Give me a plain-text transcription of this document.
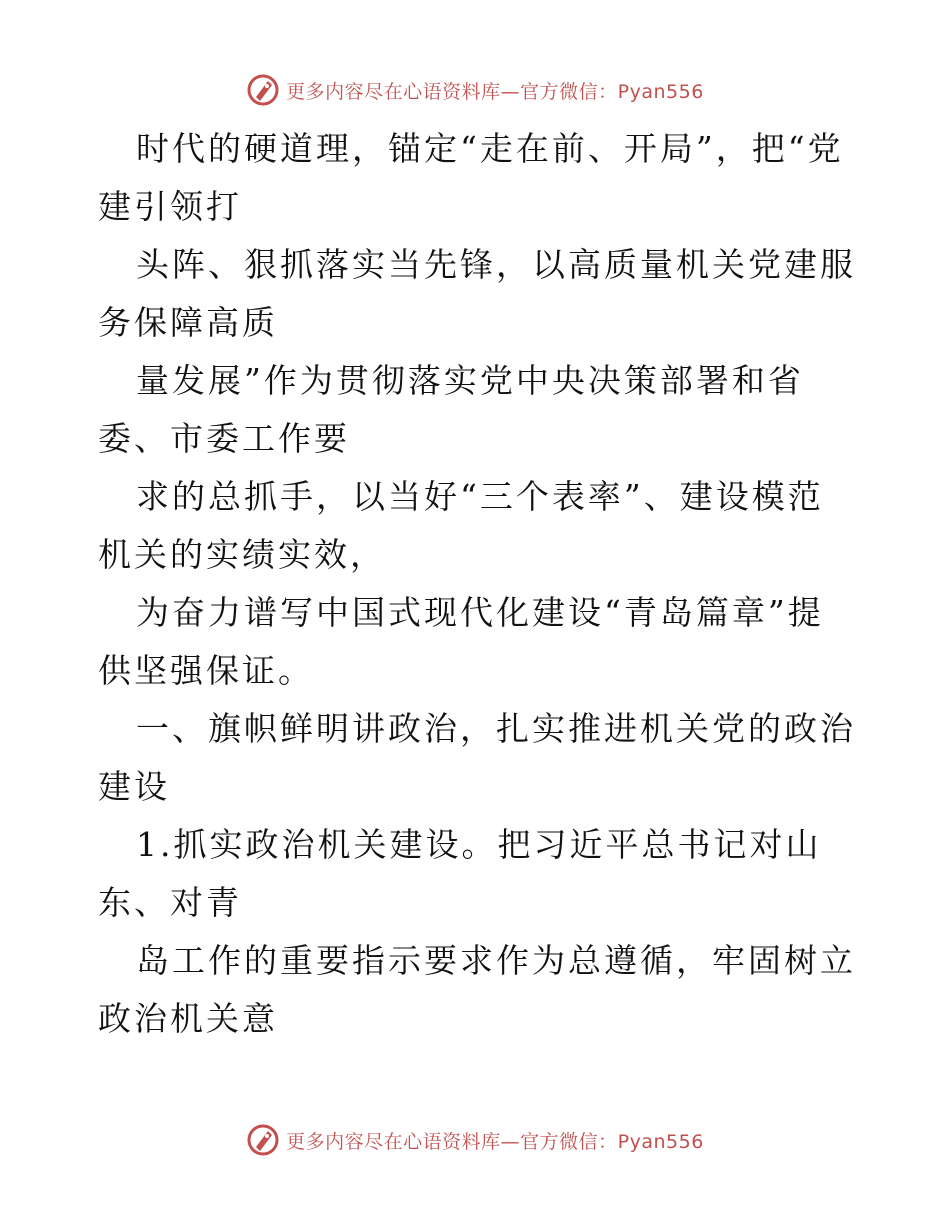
更多内容尽在心语资料库—官方微信：Pyan556

时代的硬道理，锚定“走在前、开局”，把“党建引领打

头阵、狠抓落实当先锋，以高质量机关党建服务保障高质

量发展”作为贯彻落实党中央决策部署和省委、市委工作要

求的总抓手，以当好“三个表率”、建设模范机关的实绩实效，

为奋力谱写中国式现代化建设“青岛篇章”提供坚强保证。

一、旗帜鲜明讲政治，扎实推进机关党的政治建设

1.抓实政治机关建设。把习近平总书记对山东、对青

岛工作的重要指示要求作为总遵循，牢固树立政治机关意

更多内容尽在心语资料库—官方微信：Pyan556
